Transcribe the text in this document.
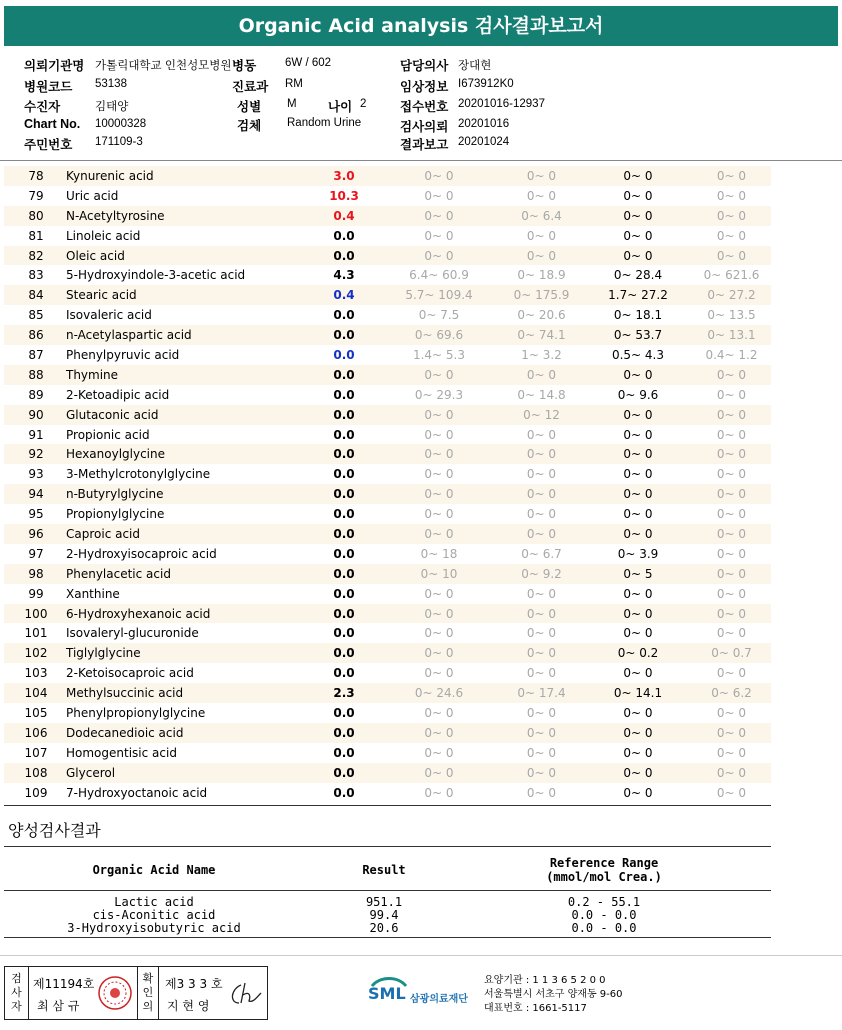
Organic Acid analysis 검사결과보고서
의뢰기관명 가톨릭대학교 인천성모병원 병동	6W / 602	담당의사 장대현
병원코드 53138	진료과 RM	임상정보 I673912K0
수진자	김태양	성별 M	나이 2	접수번호 20201016-12937
Chart No. 10000328	검체 Random Urine	검사의뢰 20201016
주민번호 171109-3	결과보고 20201024
78	Kynurenic acid	3.0	0~ 0	0~ 0	0~ 0	0~ 0
79	Uric acid	10.3	0~ 0	0~ 0	0~ 0	0~ 0
80	N-Acetyltyrosine	0.4	0~ 0	0~ 6.4	0~ 0	0~ 0
81	Linoleic acid	0.0	0~ 0	0~ 0	0~ 0	0~ 0
82	Oleic acid	0.0	0~ 0	0~ 0	0~ 0	0~ 0
83	5-Hydroxyindole-3-acetic acid	4.3	6.4~ 60.9	0~ 18.9	0~ 28.4	0~ 621.6
84	Stearic acid	0.4	5.7~ 109.4	0~ 175.9	1.7~ 27.2	0~ 27.2
85	Isovaleric acid	0.0	0~ 7.5	0~ 20.6	0~ 18.1	0~ 13.5
86	n-Acetylaspartic acid	0.0	0~ 69.6	0~ 74.1	0~ 53.7	0~ 13.1
87	Phenylpyruvic acid	0.0	1.4~ 5.3	1~ 3.2	0.5~ 4.3	0.4~ 1.2
88	Thymine	0.0	0~ 0	0~ 0	0~ 0	0~ 0
89	2-Ketoadipic acid	0.0	0~ 29.3	0~ 14.8	0~ 9.6	0~ 0
90	Glutaconic acid	0.0	0~ 0	0~ 12	0~ 0	0~ 0
91	Propionic acid	0.0	0~ 0	0~ 0	0~ 0	0~ 0
92	Hexanoylglycine	0.0	0~ 0	0~ 0	0~ 0	0~ 0
93	3-Methylcrotonylglycine	0.0	0~ 0	0~ 0	0~ 0	0~ 0
94	n-Butyrylglycine	0.0	0~ 0	0~ 0	0~ 0	0~ 0
95	Propionylglycine	0.0	0~ 0	0~ 0	0~ 0	0~ 0
96	Caproic acid	0.0	0~ 0	0~ 0	0~ 0	0~ 0
97	2-Hydroxyisocaproic acid	0.0	0~ 18	0~ 6.7	0~ 3.9	0~ 0
98	Phenylacetic acid	0.0	0~ 10	0~ 9.2	0~ 5	0~ 0
99	Xanthine	0.0	0~ 0	0~ 0	0~ 0	0~ 0
100 6-Hydroxyhexanoic acid	0.0	0~ 0	0~ 0	0~ 0	0~ 0
101 Isovaleryl-glucuronide	0.0	0~ 0	0~ 0	0~ 0	0~ 0
102 Tiglylglycine	0.0	0~ 0	0~ 0	0~ 0.2	0~ 0.7
103 2-Ketoisocaproic acid	0.0	0~ 0	0~ 0	0~ 0	0~ 0
104 Methylsuccinic acid	2.3	0~ 24.6	0~ 17.4	0~ 14.1	0~ 6.2
105 Phenylpropionylglycine	0.0	0~ 0	0~ 0	0~ 0	0~ 0
106 Dodecanedioic acid	0.0	0~ 0	0~ 0	0~ 0	0~ 0
107 Homogentisic acid	0.0	0~ 0	0~ 0	0~ 0	0~ 0
108 Glycerol	0.0	0~ 0	0~ 0	0~ 0	0~ 0
109 7-Hydroxyoctanoic acid	0.0	0~ 0	0~ 0	0~ 0	0~ 0
양성검사결과
Organic Acid Name	Result	Reference Range
(mmol/mol Crea.)
Lactic acid	951.1	0.2 - 55.1
cis-Aconitic acid	99.4	0.0 - 0.0
3-Hydroxyisobutyric acid	20.6	0.0 - 0.0
검
사
자
제11194호
최 삼 규
확
인
의
제3 3 3 호
지 현 영
SML 삼광의료재단
요양기관 : 1 1 3 6 5 2 0 0
서울특별시 서초구 양재동 9-60
대표번호 : 1661-5117
